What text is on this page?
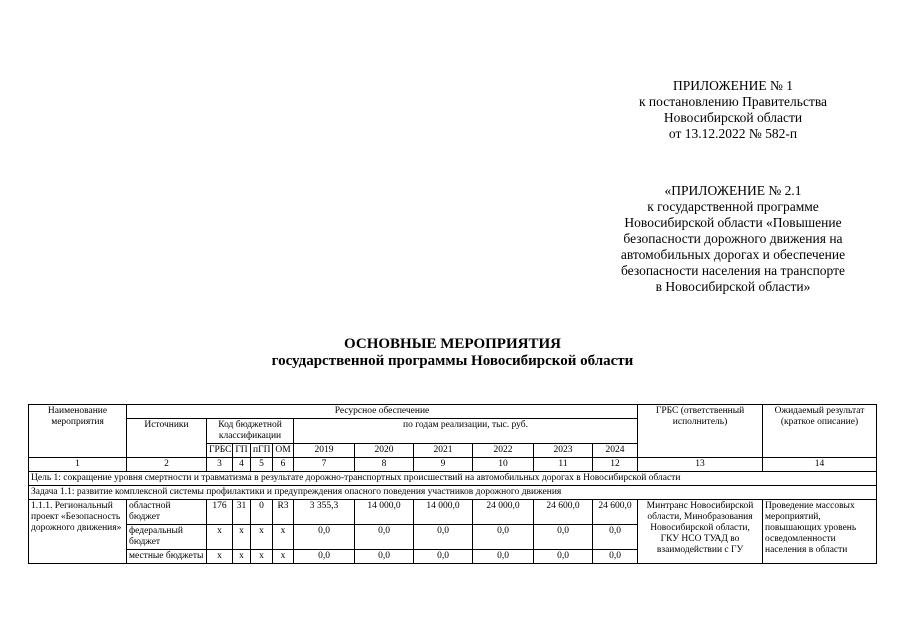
ПРИЛОЖЕНИЕ № 1
к постановлению Правительства
Новосибирской области
от 13.12.2022 № 582-п
«ПРИЛОЖЕНИЕ № 2.1
к государственной программе
Новосибирской области «Повышение
безопасности дорожного движения на
автомобильных дорогах и обеспечение
безопасности населения на транспорте
в Новосибирской области»
ОСНОВНЫЕ МЕРОПРИЯТИЯ
государственной программы Новосибирской области
Наименование мероприятия	Ресурсное обеспечение											ГРБС (ответственный исполнитель)	Ожидаемый результат (краткое описание)
	Источники	Код бюджетной классификации				по годам реализации, тыс. руб.							
		ГРБС	ГП	пГП	ОМ	2019	2020	2021	2022	2023	2024		
1	2	3	4	5	6	7	8	9	10	11	12	13	14
Цель 1: сокращение уровня смертности и травматизма в результате дорожно-транспортных происшествий на автомобильных дорогах в Новосибирской области													
Задача 1.1: развитие комплексной системы профилактики и предупреждения опасного поведения участников дорожного движения													
1.1.1. Региональный проект «Безопасность дорожного движения»	областной бюджет	176	31	0	R3	3 355,3	14 000,0	14 000,0	24 000,0	24 600,0	24 600,0	Минтранс Новосибирской области, Минобразования Новосибирской области, ГКУ НСО ТУАД во взаимодействии с ГУ	Проведение массовых мероприятий, повышающих уровень осведомленности населения в области
	федеральный бюджет	x	x	x	x	0,0	0,0	0,0	0,0	0,0	0,0		
	местные бюджеты	x	x	x	x	0,0	0,0	0,0	0,0	0,0	0,0		
